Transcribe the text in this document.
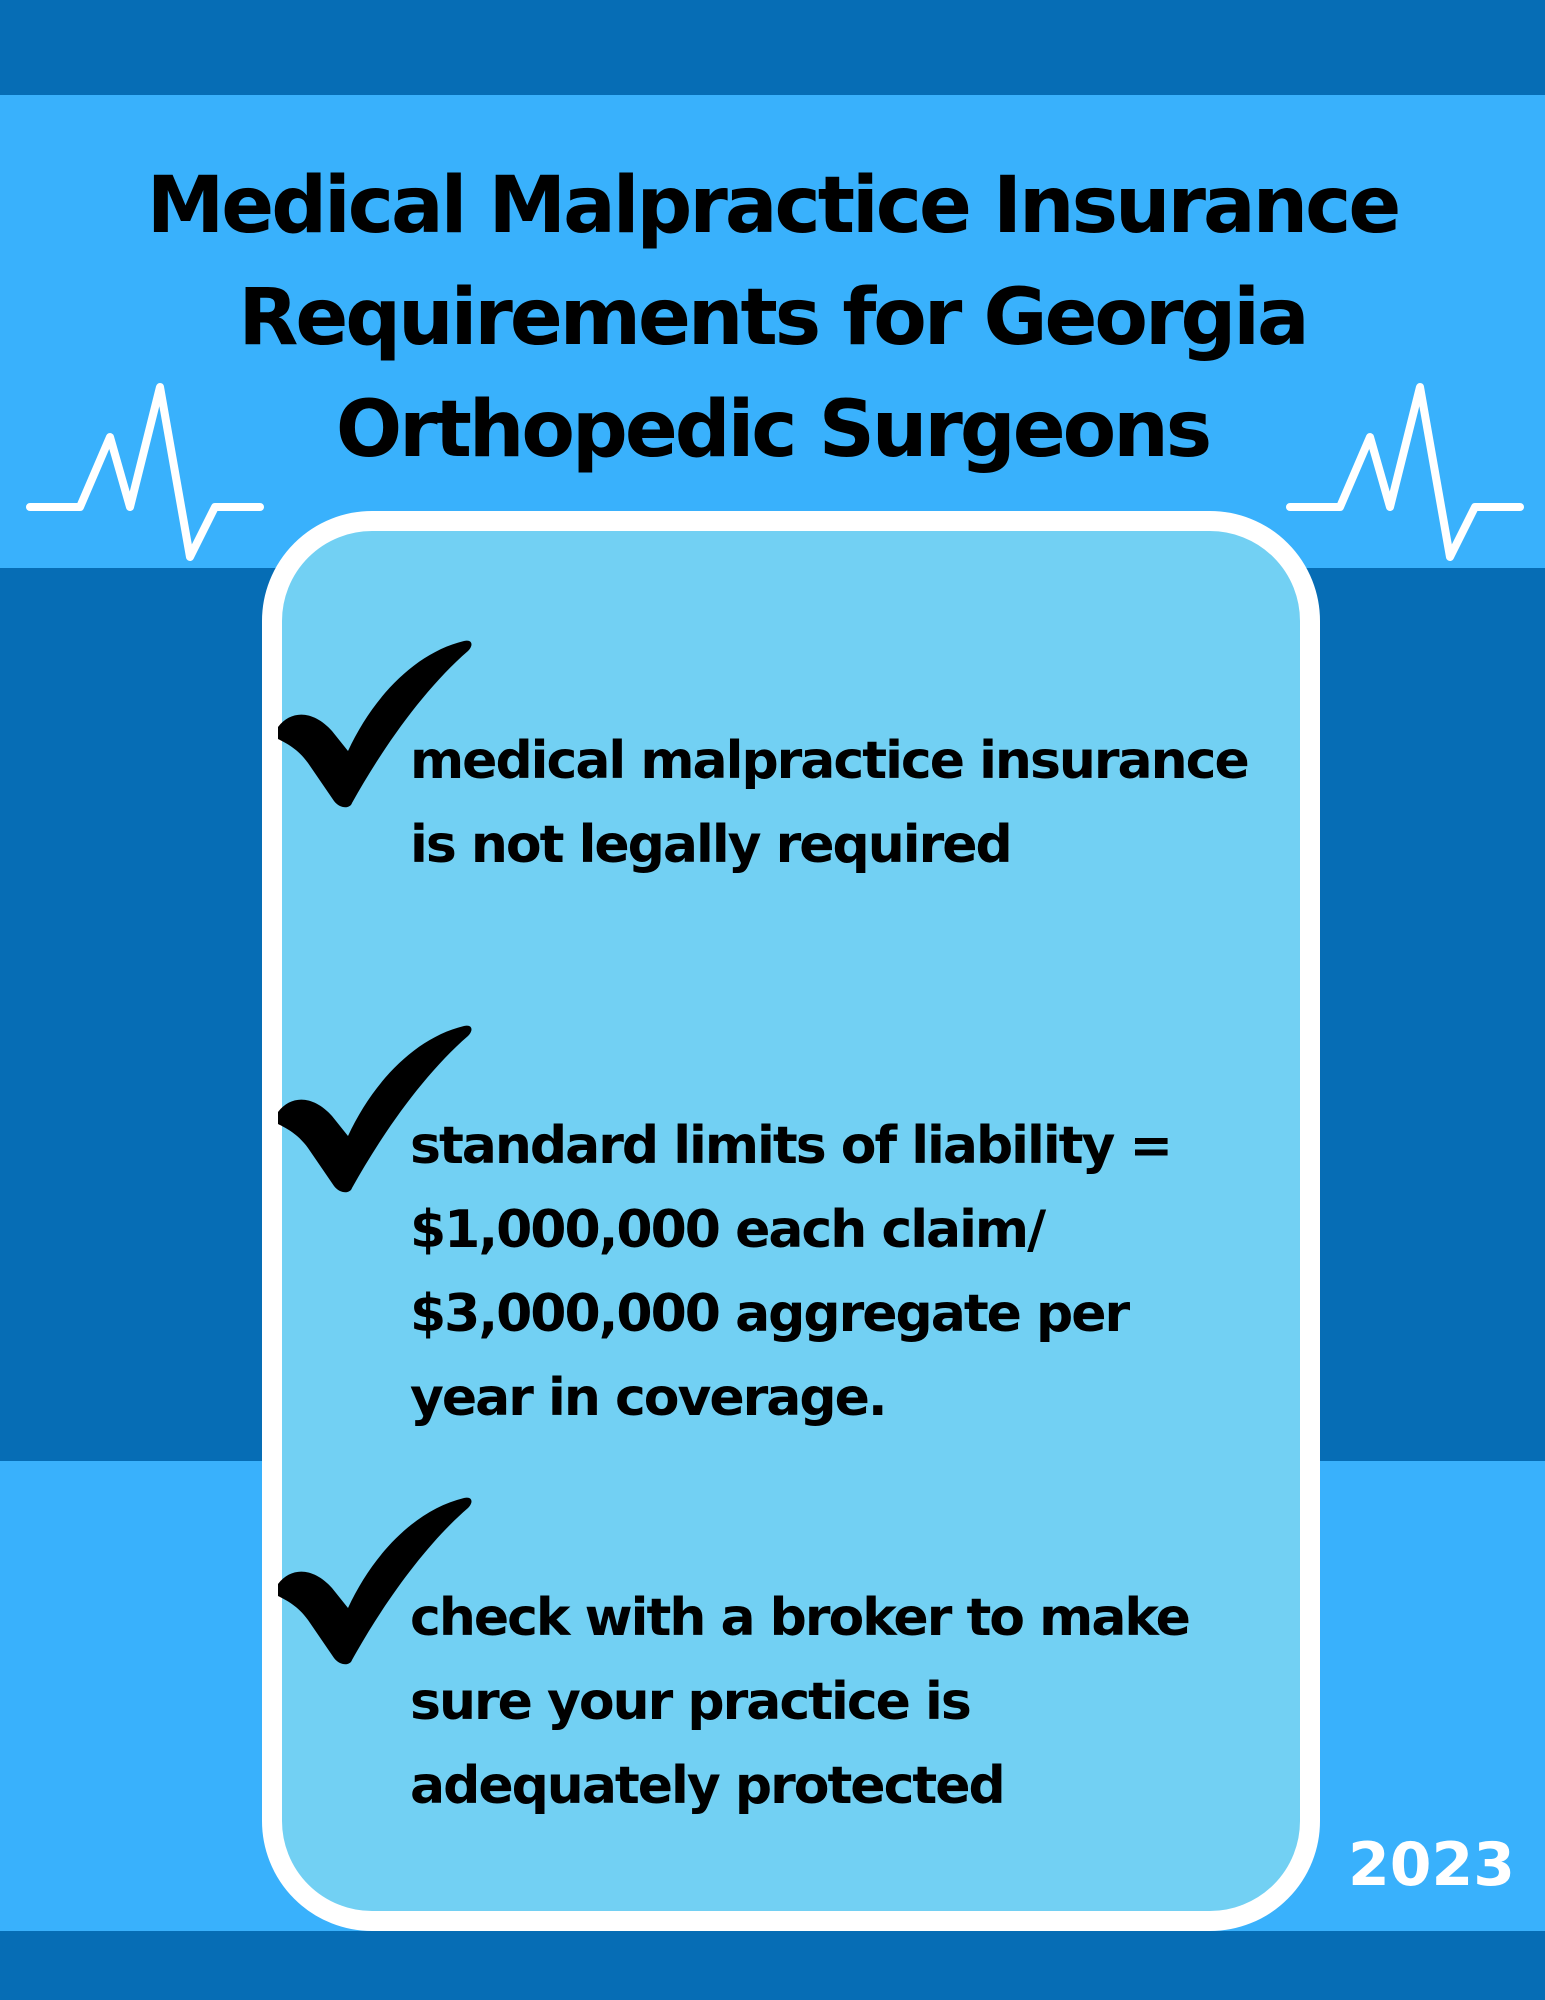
Medical Malpractice Insurance
Requirements for Georgia
Orthopedic Surgeons

medical malpractice insurance
is not legally required

standard limits of liability =
$1,000,000 each claim/
$3,000,000 aggregate per
year in coverage.

check with a broker to make
sure your practice is
adequately protected

2023
